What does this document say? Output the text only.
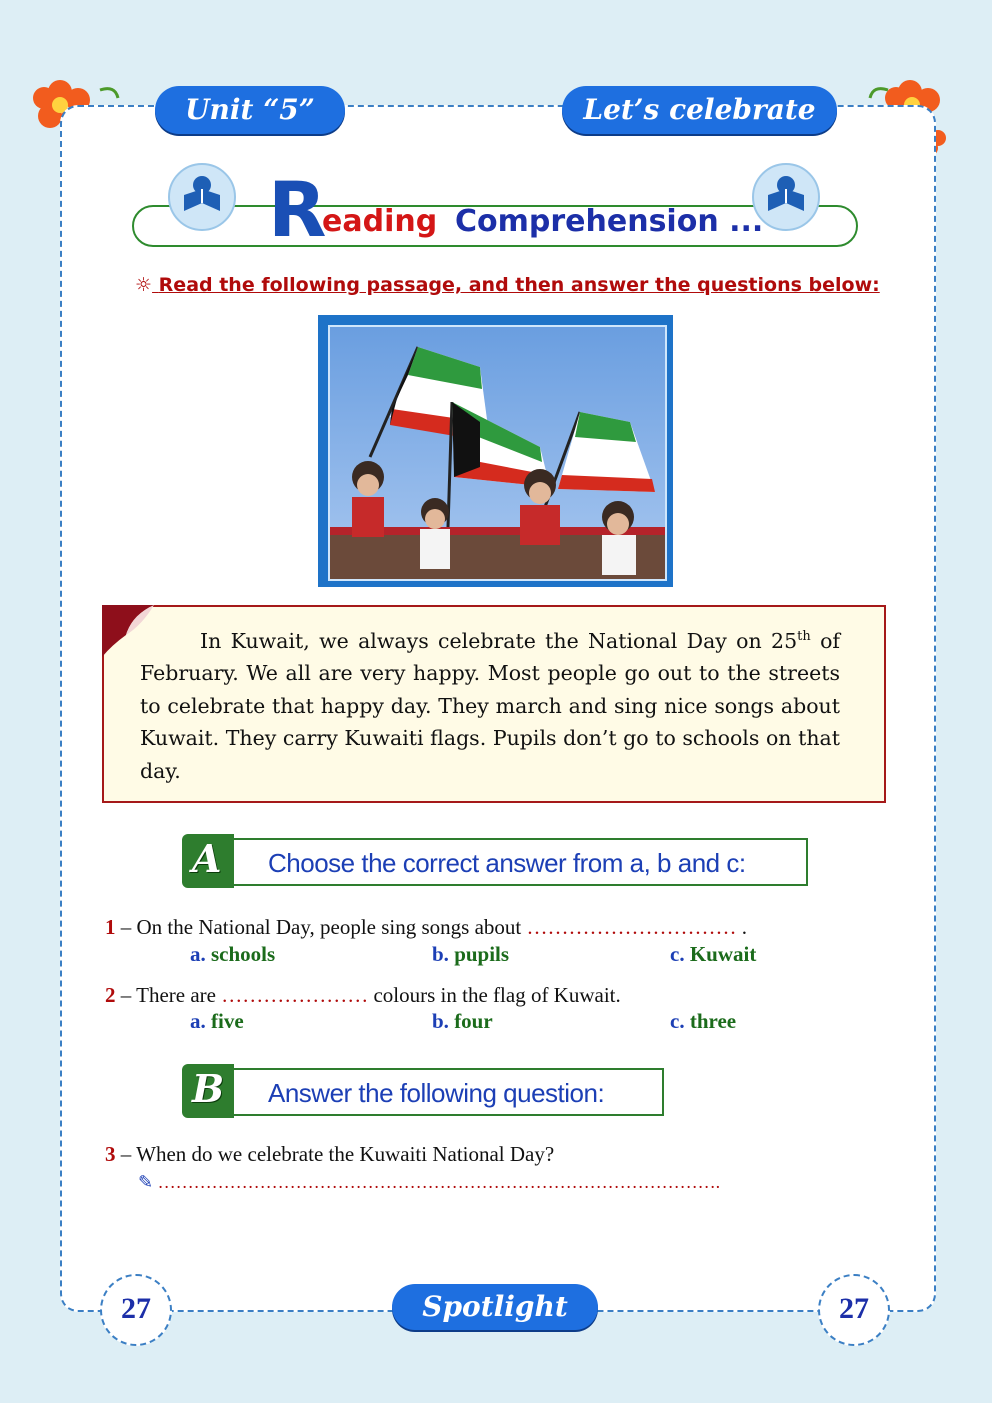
Unit “5”	Let’s celebrate
R
eading Comprehension ...
☼ Read the following passage, and then answer the questions below:

In Kuwait, we always celebrate the National Day on 25th of February. We all are very happy. Most people go out to the streets to celebrate that happy day. They march and sing nice songs about Kuwait. They carry Kuwaiti flags. Pupils don’t go to schools on that day.

A Choose the correct answer from a, b and c:
1 – On the National Day, people sing songs about ………………………… .
a. schools	b. pupils	c. Kuwait
2 – There are ………………… colours in the flag of Kuwait.
a. five	b. four	c. three
B Answer the following question:
3 – When do we celebrate the Kuwaiti National Day?
✎ ………………………………………………………………………………….
27	Spotlight	27
